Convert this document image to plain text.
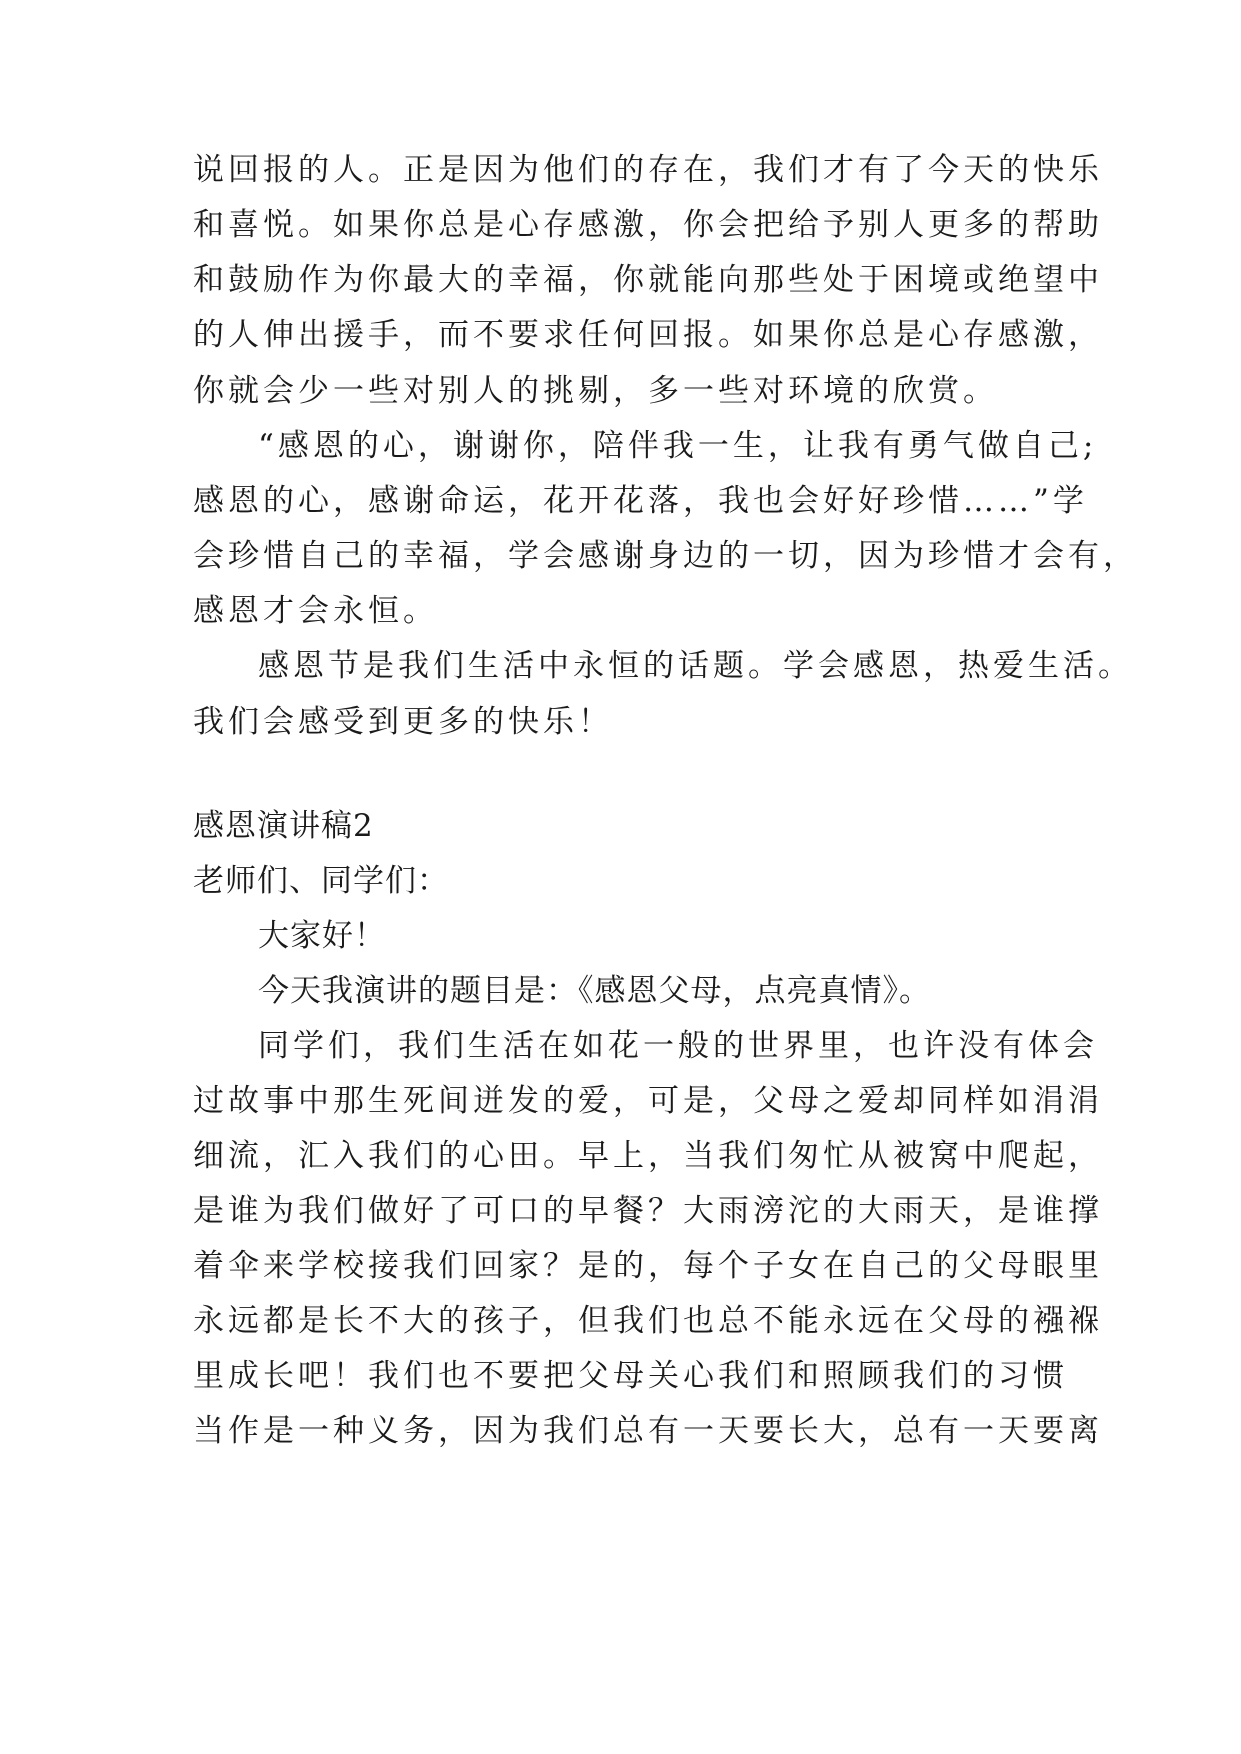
说回报的人。正是因为他们的存在，我们才有了今天的快乐

和喜悦。如果你总是心存感激，你会把给予别人更多的帮助

和鼓励作为你最大的幸福，你就能向那些处于困境或绝望中

的人伸出援手，而不要求任何回报。如果你总是心存感激，

你就会少一些对别人的挑剔，多一些对环境的欣赏。

“感恩的心，谢谢你，陪伴我一生，让我有勇气做自己;

感恩的心，感谢命运，花开花落，我也会好好珍惜……”学

会珍惜自己的幸福，学会感谢身边的一切，因为珍惜才会有，

感恩才会永恒。

感恩节是我们生活中永恒的话题。学会感恩，热爱生活。

我们会感受到更多的快乐！

感恩演讲稿2

老师们、同学们：

大家好！

今天我演讲的题目是：《感恩父母，点亮真情》。

同学们，我们生活在如花一般的世界里，也许没有体会

过故事中那生死间迸发的爱，可是，父母之爱却同样如涓涓

细流，汇入我们的心田。早上，当我们匆忙从被窝中爬起，

是谁为我们做好了可口的早餐？大雨滂沱的大雨天，是谁撑

着伞来学校接我们回家？是的，每个子女在自己的父母眼里

永远都是长不大的孩子，但我们也总不能永远在父母的襁褓

里成长吧！我们也不要把父母关心我们和照顾我们的习惯

当作是一种义务，因为我们总有一天要长大，总有一天要离
